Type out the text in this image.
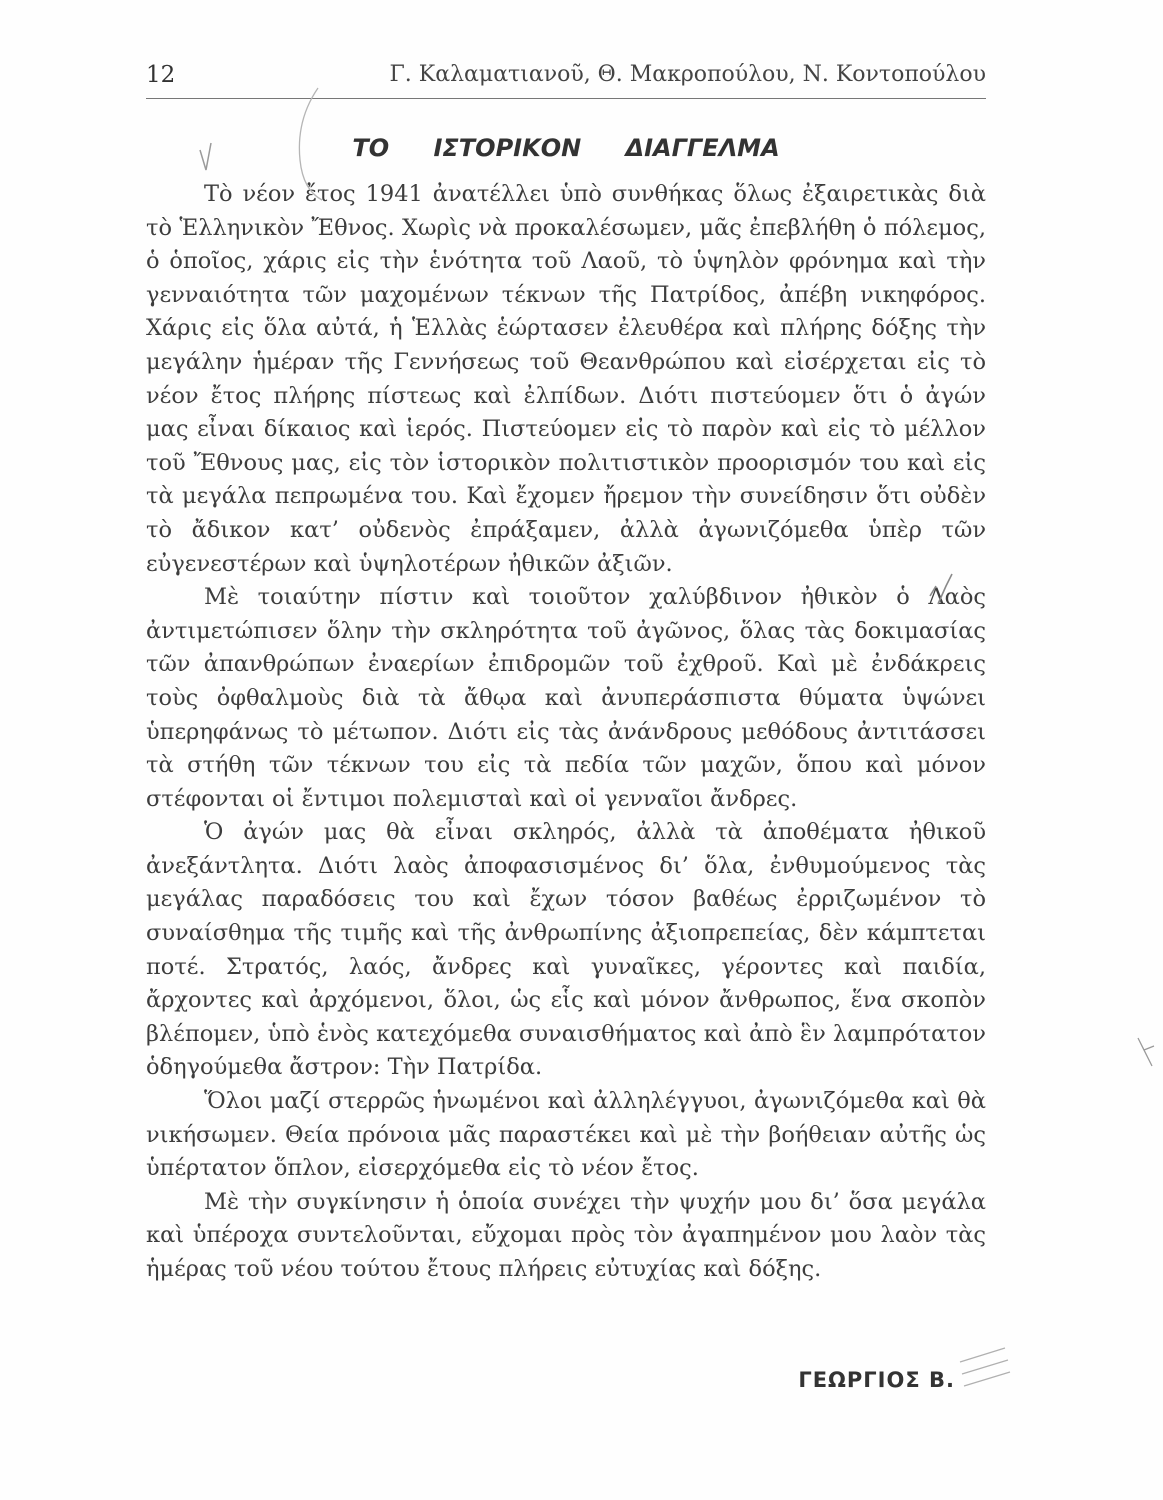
12	Γ. Καλαματιανοῦ, Θ. Μακροπούλου, Ν. Κοντοπούλου
ΤΟ ΙΣΤΟΡΙΚΟΝ ΔΙΑΓΓΕΛΜΑ

Τὸ νέον ἔτος 1941 ἀνατέλλει ὑπὸ συνθήκας ὅλως ἐξαιρετικὰς διὰ τὸ Ἑλληνικὸν Ἔθνος. Χωρὶς νὰ προκαλέσωμεν, μᾶς ἐπεβλήθη ὁ πόλεμος, ὁ ὁποῖος, χάρις εἰς τὴν ἑνότητα τοῦ Λαοῦ, τὸ ὑψηλὸν φρόνημα καὶ τὴν γενναιότητα τῶν μαχομένων τέκνων τῆς Πατρίδος, ἀπέβη νικηφόρος. Χάρις εἰς ὅλα αὐτά, ἡ Ἑλλὰς ἑώρτασεν ἐλευθέρα καὶ πλήρης δόξης τὴν μεγάλην ἡμέραν τῆς Γεννήσεως τοῦ Θεανθρώπου καὶ εἰσέρχεται εἰς τὸ νέον ἔτος πλήρης πίστεως καὶ ἐλπίδων. Διότι πιστεύομεν ὅτι ὁ ἀγών μας εἶναι δίκαιος καὶ ἱερός. Πιστεύομεν εἰς τὸ παρὸν καὶ εἰς τὸ μέλλον τοῦ Ἔθνους μας, εἰς τὸν ἱστορικὸν πολιτιστικὸν προορισμόν του καὶ εἰς τὰ μεγάλα πεπρωμένα του. Καὶ ἔχομεν ἤρεμον τὴν συνείδησιν ὅτι οὐδὲν τὸ ἄδικον κατ’ οὐδενὸς ἐπράξαμεν, ἀλλὰ ἀγωνιζόμεθα ὑπὲρ τῶν εὐγενεστέρων καὶ ὑψηλοτέρων ἠθικῶν ἀξιῶν.

Μὲ τοιαύτην πίστιν καὶ τοιοῦτον χαλύβδινον ἠθικὸν ὁ Λαὸς ἀντιμετώπισεν ὅλην τὴν σκληρότητα τοῦ ἀγῶνος, ὅλας τὰς δοκιμασίας τῶν ἀπανθρώπων ἐναερίων ἐπιδρομῶν τοῦ ἐχθροῦ. Καὶ μὲ ἐνδάκρεις τοὺς ὀφθαλμοὺς διὰ τὰ ἄθῳα καὶ ἀνυπεράσπιστα θύματα ὑψώνει ὑπερηφάνως τὸ μέτωπον. Διότι εἰς τὰς ἀνάνδρους μεθόδους ἀντιτάσσει τὰ στήθη τῶν τέκνων του εἰς τὰ πεδία τῶν μαχῶν, ὅπου καὶ μόνον στέφονται οἱ ἔντιμοι πολεμισταὶ καὶ οἱ γενναῖοι ἄνδρες.

Ὁ ἀγών μας θὰ εἶναι σκληρός, ἀλλὰ τὰ ἀποθέματα ἠθικοῦ ἀνεξάντλητα. Διότι λαὸς ἀποφασισμένος δι’ ὅλα, ἐνθυμούμενος τὰς μεγάλας παραδόσεις του καὶ ἔχων τόσον βαθέως ἐρριζωμένον τὸ συναίσθημα τῆς τιμῆς καὶ τῆς ἀνθρωπίνης ἀξιοπρεπείας, δὲν κάμπτεται ποτέ. Στρατός, λαός, ἄνδρες καὶ γυναῖκες, γέροντες καὶ παιδία, ἄρχοντες καὶ ἀρχόμενοι, ὅλοι, ὡς εἷς καὶ μόνον ἄνθρωπος, ἕνα σκοπὸν βλέπομεν, ὑπὸ ἑνὸς κατεχόμεθα συναισθήματος καὶ ἀπὸ ἓν λαμπρότατον ὁδηγούμεθα ἄστρον: Τὴν Πατρίδα.

Ὅλοι μαζί στερρῶς ἡνωμένοι καὶ ἀλληλέγγυοι, ἀγωνιζόμεθα καὶ θὰ νικήσωμεν. Θεία πρόνοια μᾶς παραστέκει καὶ μὲ τὴν βοήθειαν αὐτῆς ὡς ὑπέρτατον ὅπλον, εἰσερχόμεθα εἰς τὸ νέον ἔτος.

Μὲ τὴν συγκίνησιν ἡ ὁποία συνέχει τὴν ψυχήν μου δι’ ὅσα μεγάλα καὶ ὑπέροχα συντελοῦνται, εὔχομαι πρὸς τὸν ἀγαπημένον μου λαὸν τὰς ἡμέρας τοῦ νέου τούτου ἔτους πλήρεις εὐτυχίας καὶ δόξης.

ΓΕΩΡΓΙΟΣ Β.
